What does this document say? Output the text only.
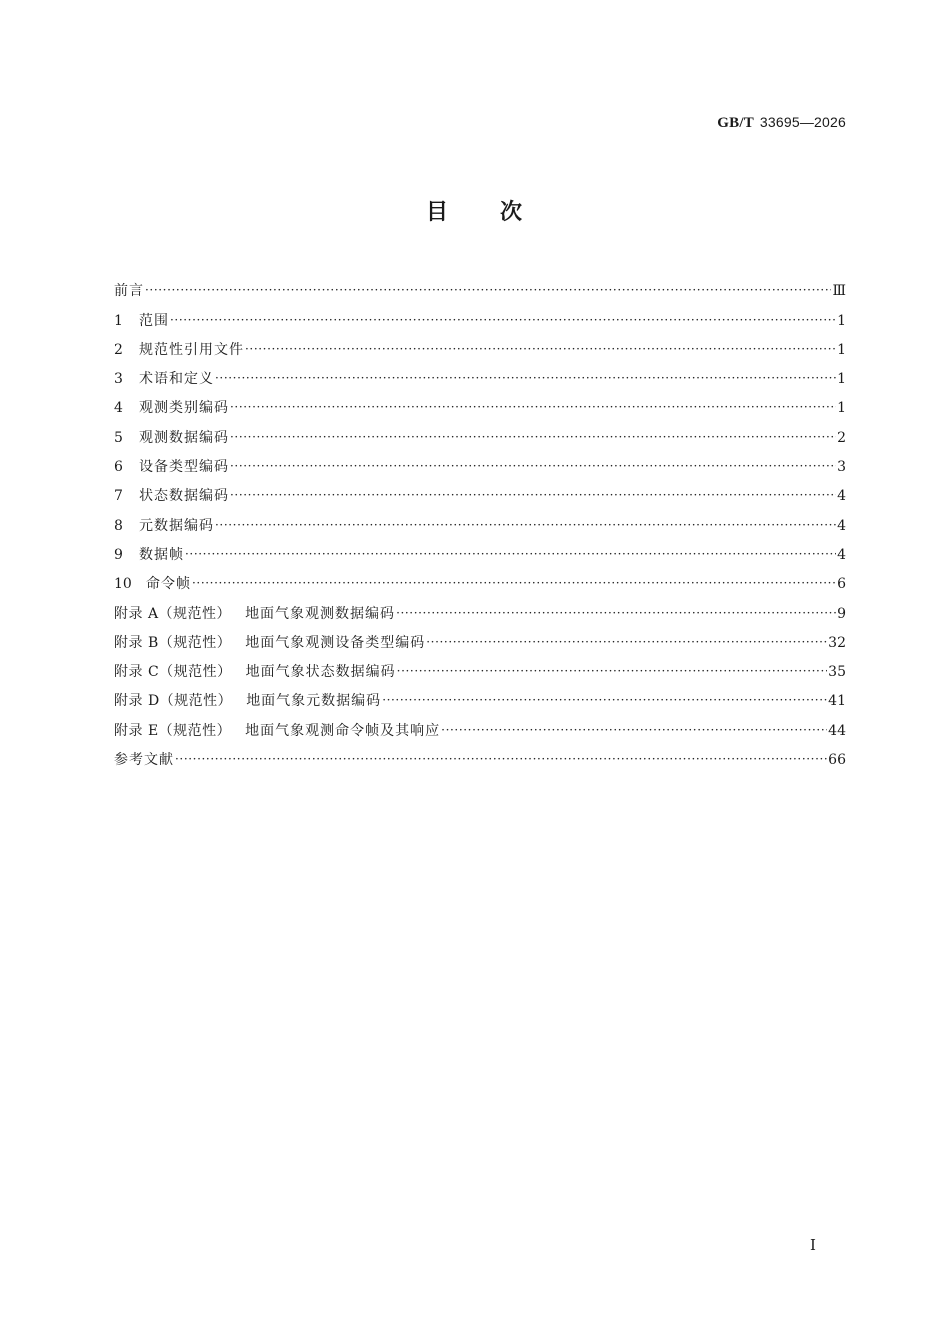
GB/T 33695—2026
目 次
前言 ·····	Ⅲ
1	范围 ·····	1
2	规范性引用文件 ·····	1
3	术语和定义 ·····	1
4	观测类别编码 ·····	1
5	观测数据编码 ·····	2
6	设备类型编码 ·····	3
7	状态数据编码 ·····	4
8	元数据编码 ·····	4
9	数据帧 ·····	4
10	命令帧 ·····	6
附录 A（规范性） 地面气象观测数据编码 ·····	9
附录 B（规范性） 地面气象观测设备类型编码 ·····	32
附录 C（规范性） 地面气象状态数据编码 ·····	35
附录 D（规范性） 地面气象元数据编码 ·····	41
附录 E（规范性） 地面气象观测命令帧及其响应 ·····	44
参考文献 ·····	66
I
